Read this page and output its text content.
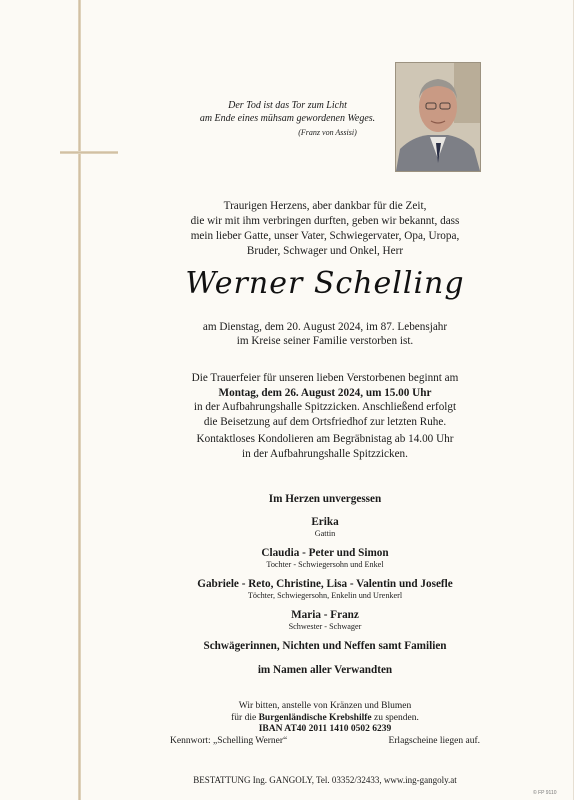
Der Tod ist das Tor zum Licht
am Ende eines mühsam gewordenen Weges.
(Franz von Assisi)
Traurigen Herzens, aber dankbar für die Zeit,
die wir mit ihm verbringen durften, geben wir bekannt, dass
mein lieber Gatte, unser Vater, Schwiegervater, Opa, Uropa,
Bruder, Schwager und Onkel, Herr
Werner Schelling
am Dienstag, dem 20. August 2024, im 87. Lebensjahr
im Kreise seiner Familie verstorben ist.
Die Trauerfeier für unseren lieben Verstorbenen beginnt am
Montag, dem 26. August 2024, um 15.00 Uhr
in der Aufbahrungshalle Spitzzicken. Anschließend erfolgt
die Beisetzung auf dem Ortsfriedhof zur letzten Ruhe.
Kontaktloses Kondolieren am Begräbnistag ab 14.00 Uhr
in der Aufbahrungshalle Spitzzicken.
Im Herzen unvergessen
Erika
Gattin
Claudia - Peter und Simon
Tochter - Schwiegersohn und Enkel
Gabriele - Reto, Christine, Lisa - Valentin und Josefle
Töchter, Schwiegersohn, Enkelin und Urenkerl
Maria - Franz
Schwester - Schwager
Schwägerinnen, Nichten und Neffen samt Familien
im Namen aller Verwandten
Wir bitten, anstelle von Kränzen und Blumen
für die Burgenländische Krebshilfe zu spenden.
IBAN AT40 2011 1410 0502 6239
Kennwort: „Schelling Werner“	Erlagscheine liegen auf.
BESTATTUNG Ing. GANGOLY, Tel. 03352/32433, www.ing-gangoly.at
© FP 9110
